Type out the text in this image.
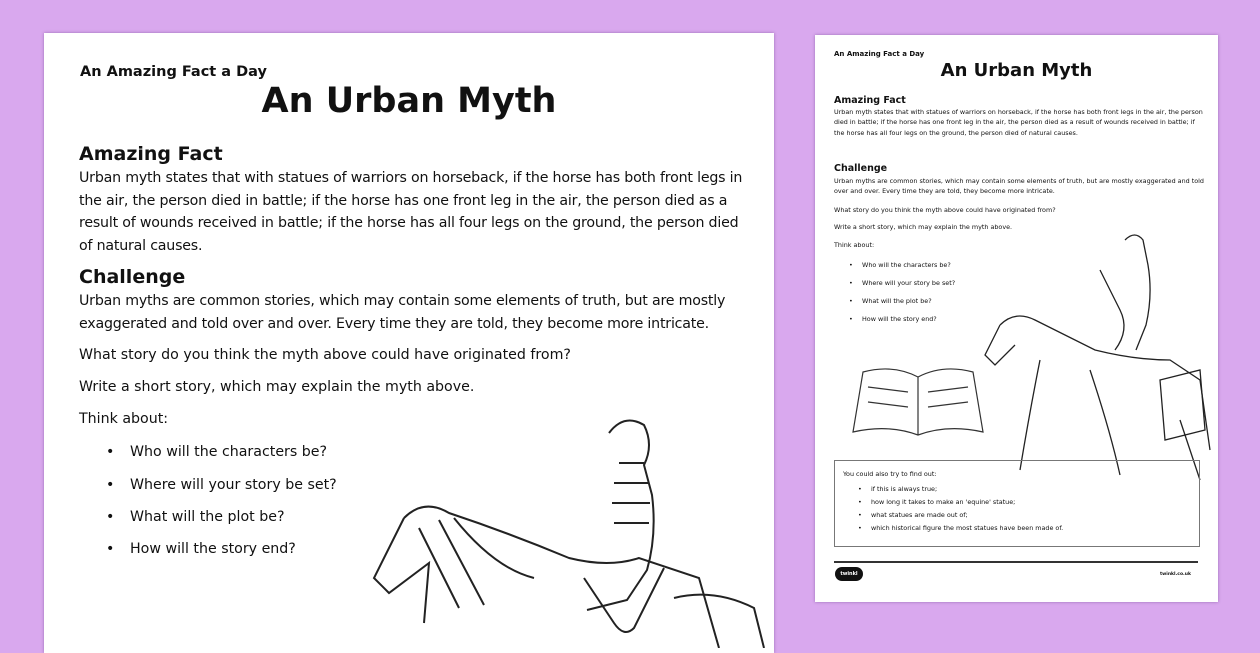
An Amazing Fact a Day
An Urban Myth
Amazing Fact
Urban myth states that with statues of warriors on horseback, if the horse has both front legs in the air, the person died in battle; if the horse has one front leg in the air, the person died as a result of wounds received in battle; if the horse has all four legs on the ground, the person died of natural causes.
Challenge
Urban myths are common stories, which may contain some elements of truth, but are mostly exaggerated and told over and over. Every time they are told, they become more intricate.
What story do you think the myth above could have originated from?
Write a short story, which may explain the myth above.
Think about:
• Who will the characters be?
• Where will your story be set?
• What will the plot be?
• How will the story end?
An Amazing Fact a Day
An Urban Myth
Amazing Fact
Urban myth states that with statues of warriors on horseback, if the horse has both front legs in the air, the person died in battle; if the horse has one front leg in the air, the person died as a result of wounds received in battle; if the horse has all four legs on the ground, the person died of natural causes.
Challenge
Urban myths are common stories, which may contain some elements of truth, but are mostly exaggerated and told over and over. Every time they are told, they become more intricate.
What story do you think the myth above could have originated from?
Write a short story, which may explain the myth above.
Think about:
• Who will the characters be?
• Where will your story be set?
• What will the plot be?
• How will the story end?
You could also try to find out:
• if this is always true;
• how long it takes to make an 'equine' statue;
• what statues are made out of;
• which historical figure the most statues have been made of.
twinkl	twinkl.co.uk
